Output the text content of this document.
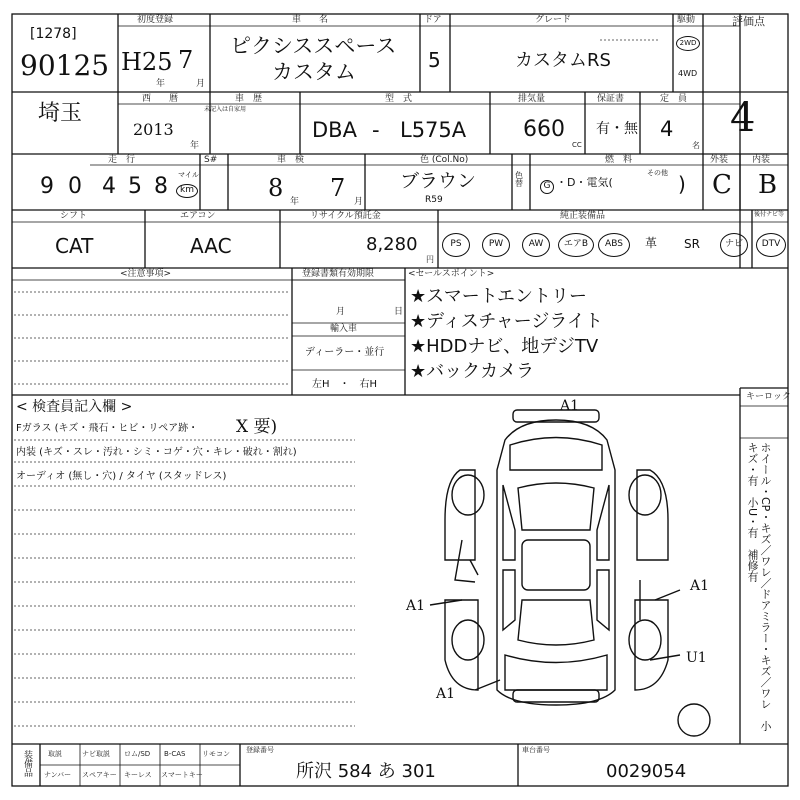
[1278]
90125
初度登録
H25 7
年	月
車　　名
ピクシススペース
カスタム
ドア
5
グレード
カスタムRS
駆動
2WD
4WD
評価点
4
埼玉
西　　暦
2013
年
車　歴
未記入は自家用
型　式
DBA - L575A
排気量
660
CC
保証書
有・無
定　員
4
名
走　行
9 0 4 5 8 マイル
km
S#	車　検
8 7
年	月
色 (Col.No)
ブラウン
R59
色替
燃　料
G ・D・電気(
その他 )
外装	内装
C B
シフト
CAT
エアコン
AAC
リサイクル預託金
8,280
円
純正装備品	後付ナビ等
PS	PW	AW	エアB	ABS	革 SR	ナビ	DTV
<注意事項>	登録書類有効期限
月	日
輸入車
ディーラー・並行
左H　・　右H
<セールスポイント>
★スマートエントリー
★ディスチャージライト
★HDDナビ、地デジTV
★バックカメラ
< 検査員記入欄 >
キーロック
Fガラス (キズ・飛石・ヒビ・リペア跡・ X 要)
内装 (キズ・スレ・汚れ・シミ・コゲ・穴・キレ・破れ・割れ)
オーディオ (無し・穴) / タイヤ (スタッドレス)
A1
A1
A1
U1
A1	ホイール・CP・キズ／ワレ／ドアミラー・キズ／ワレ　小キズ・有　小U・有　補修有
装備品 取説	ナビ取説 ロム/SD B-CAS リモコン
ナンバー スペアキー キーレス スマートキー
登録番号
所沢 584 あ 301
車台番号
0029054
